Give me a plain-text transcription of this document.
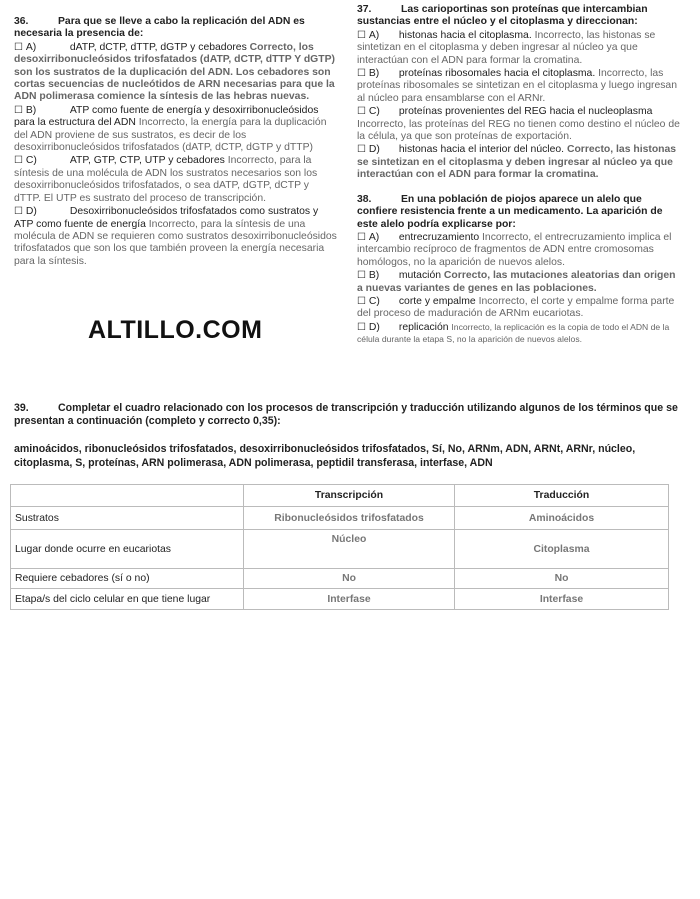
36.	Para que se lleve a cabo la replicación del ADN es necesaria la presencia de:
☐ A)	dATP, dCTP, dTTP, dGTP y cebadores Correcto, los desoxirribonucleósidos trifosfatados (dATP, dCTP, dTTP Y dGTP) son los sustratos de la duplicación del ADN. Los cebadores son cortas secuencias de nucleótidos de ARN necesarias para que la ADN polimerasa comience la síntesis de las hebras nuevas.
☐ B)	ATP como fuente de energía y desoxirribonucleósidos para la estructura del ADN Incorrecto, la energía para la duplicación del ADN proviene de sus sustratos, es decir de los desoxirribonucleósidos trifosfatados (dATP, dCTP, dGTP y dTTP)
☐ C)	ATP, GTP, CTP, UTP y cebadores Incorrecto, para la síntesis de una molécula de ADN los sustratos necesarios son los desoxirribonucleósidos trifosfatados, o sea dATP, dGTP, dCTP y dTTP. El UTP es sustrato del proceso de transcripción.
☐ D)	Desoxirribonucleósidos trifosfatados como sustratos y ATP como fuente de energía Incorrecto, para la síntesis de una molécula de ADN se requieren como sustratos desoxirribonucleósidos trifosfatados que son los que también proveen la energía necesaria para la síntesis.
ALTILLO.COM
37.	Las carioportinas son proteínas que intercambian sustancias entre el núcleo y el citoplasma y direccionan:
☐ A) histonas hacia el citoplasma. Incorrecto, las histonas se sintetizan en el citoplasma y deben ingresar al núcleo ya que interactúan con el ADN para formar la cromatina.
☐ B) proteínas ribosomales hacia el citoplasma. Incorrecto, las proteínas ribosomales se sintetizan en el citoplasma y luego ingresan al núcleo para ensamblarse con el ARNr.
☐ C) proteínas provenientes del REG hacia el nucleoplasma Incorrecto, las proteínas del REG no tienen como destino el núcleo de la célula, ya que son proteínas de exportación.
☐ D) histonas hacia el interior del núcleo. Correcto, las histonas se sintetizan en el citoplasma y deben ingresar al núcleo ya que interactúan con el ADN para formar la cromatina.
38.	En una población de piojos aparece un alelo que confiere resistencia frente a un medicamento. La aparición de este alelo podría explicarse por:
☐ A) entrecruzamiento Incorrecto, el entrecruzamiento implica el intercambio recíproco de fragmentos de ADN entre cromosomas homólogos, no la aparición de nuevos alelos.
☐ B) mutación Correcto, las mutaciones aleatorias dan origen a nuevas variantes de genes en las poblaciones.
☐ C) corte y empalme Incorrecto, el corte y empalme forma parte del proceso de maduración de ARNm eucariotas.
☐ D) replicación Incorrecto, la replicación es la copia de todo el ADN de la célula durante la etapa S, no la aparición de nuevos alelos.
39.	Completar el cuadro relacionado con los procesos de transcripción y traducción utilizando algunos de los términos que se presentan a continuación (completo y correcto 0,35):
aminoácidos, ribonucleósidos trifosfatados, desoxirribonucleósidos trifosfatados, Sí, No, ARNm, ADN, ARNt, ARNr, núcleo, citoplasma, S, proteínas, ARN polimerasa, ADN polimerasa, peptidil transferasa, interfase, ADN
	Transcripción	Traducción
Sustratos	Ribonucleósidos trifosfatados	Aminoácidos
Lugar donde ocurre en eucariotas	Núcleo	Citoplasma
Requiere cebadores (sí o no)	No	No
Etapa/s del ciclo celular en que tiene lugar	Interfase	Interfase
